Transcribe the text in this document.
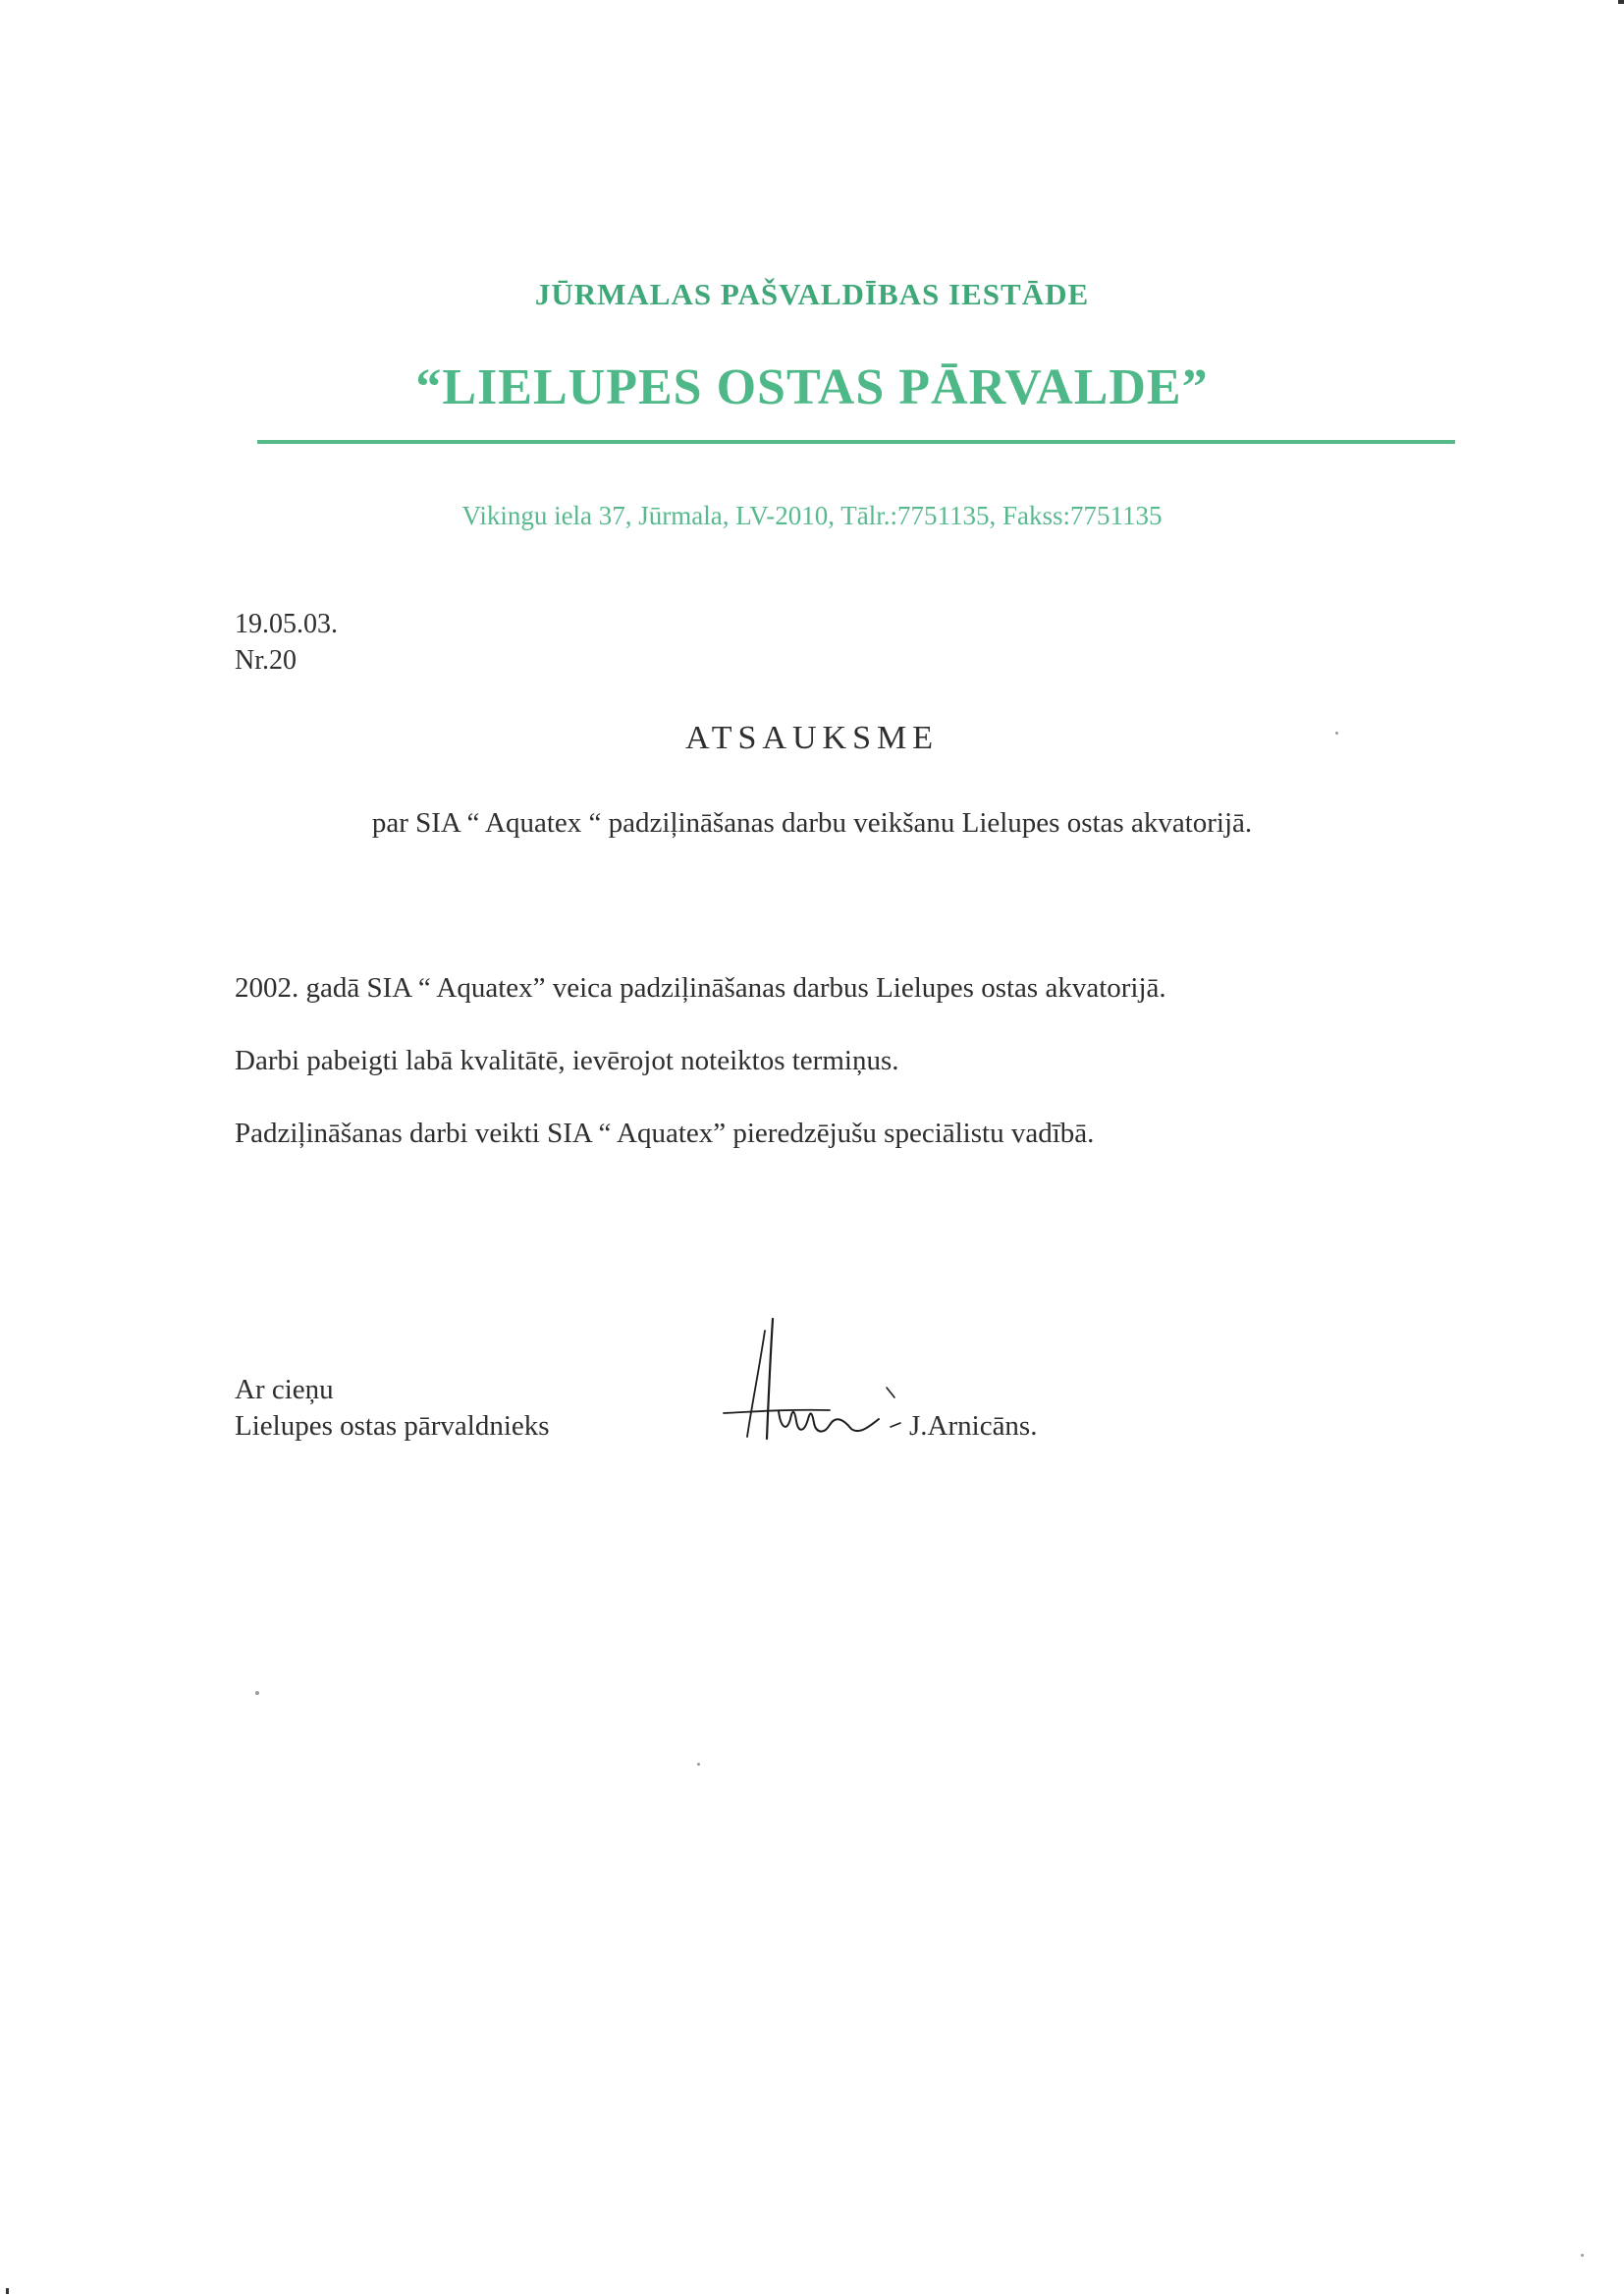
JŪRMALAS PAŠVALDĪBAS IESTĀDE
“LIELUPES OSTAS PĀRVALDE”
Vikingu iela 37, Jūrmala, LV-2010, Tālr.:7751135, Fakss:7751135
19.05.03.
Nr.20
ATSAUKSME
par SIA “ Aquatex “ padziļināšanas darbu veikšanu Lielupes ostas akvatorijā.
2002. gadā SIA “ Aquatex” veica padziļināšanas darbus Lielupes ostas akvatorijā.
Darbi pabeigti labā kvalitātē, ievērojot noteiktos termiņus.
Padziļināšanas darbi veikti SIA “ Aquatex” pieredzējušu speciālistu vadībā.
Ar cieņu
Lielupes ostas pārvaldnieks	J.Arnicāns.
